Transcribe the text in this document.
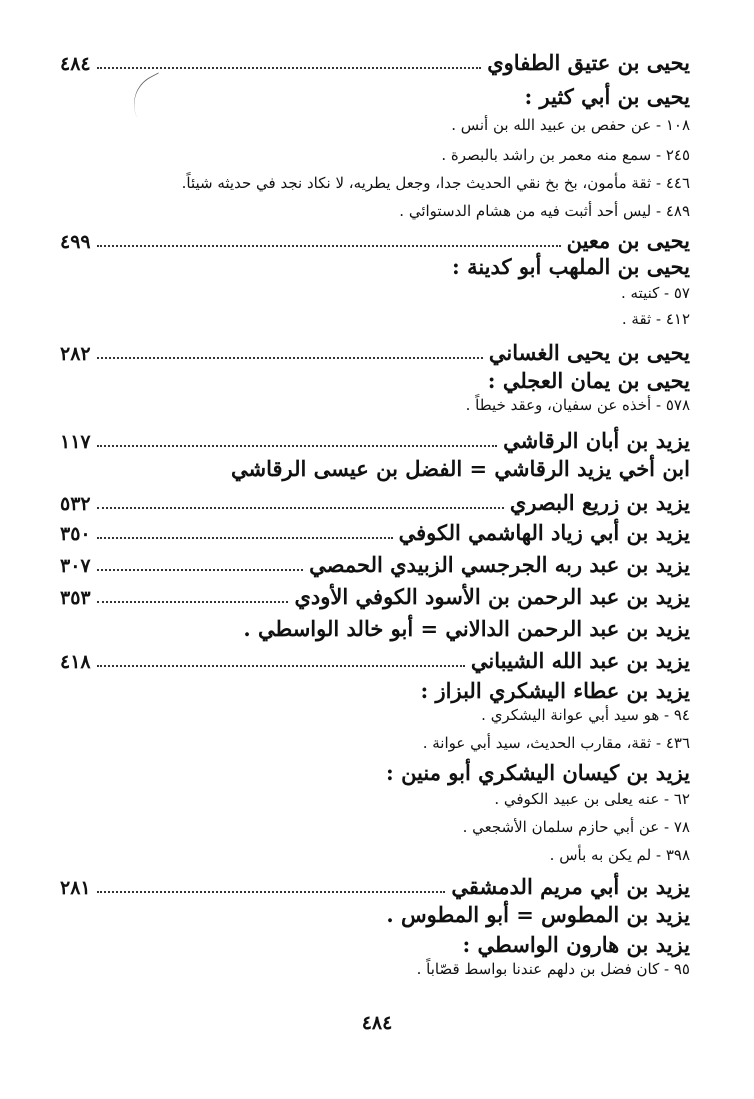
يحيى بن عتيق الطفاوي
٤٨٤
يحيى بن أبي كثير :
١٠٨ - عن حفص بن عبيد الله بن أنس .
٢٤٥ - سمع منه معمر بن راشد بالبصرة .
٤٤٦ - ثقة مأمون، بخ بخ نقي الحديث جدا، وجعل يطريه، لا نكاد نجد في حديثه شيئاً.
٤٨٩ - ليس أحد أثبت فيه من هشام الدستوائي .
يحيى بن معين
٤٩٩
يحيى بن الملهب أبو كدينة :
٥٧ - كنيته .
٤١٢ - ثقة .
يحيى بن يحيى الغساني
٢٨٢
يحيى بن يمان العجلي :
٥٧٨ - أخذه عن سفيان، وعقد خيطاً .
يزيد بن أبان الرقاشي
١١٧
ابن أخي يزيد الرقاشي = الفضل بن عيسى الرقاشي
يزيد بن زريع البصري
٥٣٢
يزيد بن أبي زياد الهاشمي الكوفي
٣٥٠
يزيد بن عبد ربه الجرجسي الزبيدي الحمصي
٣٠٧
يزيد بن عبد الرحمن بن الأسود الكوفي الأودي
٣٥٣
يزيد بن عبد الرحمن الدالاني = أبو خالد الواسطي .
يزيد بن عبد الله الشيباني
٤١٨
يزيد بن عطاء اليشكري البزاز :
٩٤ - هو سيد أبي عوانة اليشكري .
٤٣٦ - ثقة، مقارب الحديث، سيد أبي عوانة .
يزيد بن كيسان اليشكري أبو منين :
٦٢ - عنه يعلى بن عبيد الكوفي .
٧٨ - عن أبي حازم سلمان الأشجعي .
٣٩٨ - لم يكن به بأس .
يزيد بن أبي مريم الدمشقي
٢٨١
يزيد بن المطوس = أبو المطوس .
يزيد بن هارون الواسطي :
٩٥ - كان فضل بن دلهم عندنا بواسط قصّاباً .
٤٨٤
